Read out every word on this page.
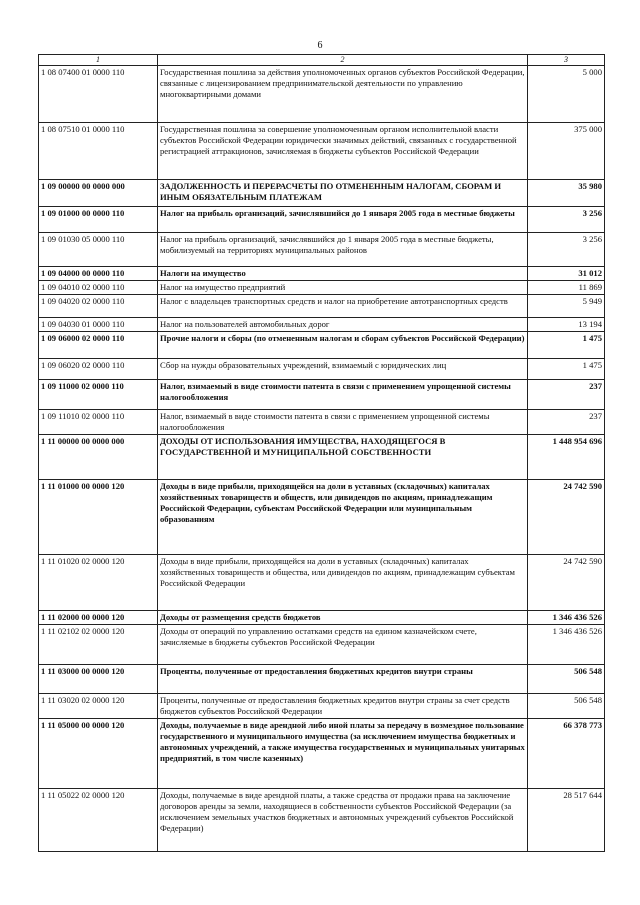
6
1	2	3
1 08 07400 01 0000 110	Государственная пошлина за действия уполномоченных органов субъектов Российской Федерации, связанные с лицензированием предпринимательской деятельности по управлению многоквартирными домами	5 000
1 08 07510 01 0000 110	Государственная пошлина за совершение уполномоченным органом исполнительной власти субъектов Российской Федерации юридически значимых действий, связанных с государственной регистрацией аттракционов, зачисляемая в бюджеты субъектов Российской Федерации	375 000
1 09 00000 00 0000 000	ЗАДОЛЖЕННОСТЬ И ПЕРЕРАСЧЕТЫ ПО ОТМЕНЕННЫМ НАЛОГАМ, СБОРАМ И ИНЫМ ОБЯЗАТЕЛЬНЫМ ПЛАТЕЖАМ	35 980
1 09 01000 00 0000 110	Налог на прибыль организаций, зачислявшийся до 1 января 2005 года в местные бюджеты	3 256
1 09 01030 05 0000 110	Налог на прибыль организаций, зачислявшийся до 1 января 2005 года в местные бюджеты, мобилизуемый на территориях муниципальных районов	3 256
1 09 04000 00 0000 110	Налоги на имущество	31 012
1 09 04010 02 0000 110	Налог на имущество предприятий	11 869
1 09 04020 02 0000 110	Налог с владельцев транспортных средств и налог на приобретение автотранспортных средств	5 949
1 09 04030 01 0000 110	Налог на пользователей автомобильных дорог	13 194
1 09 06000 02 0000 110	Прочие налоги и сборы (по отмененным налогам и сборам субъектов Российской Федерации)	1 475
1 09 06020 02 0000 110	Сбор на нужды образовательных учреждений, взимаемый с юридических лиц	1 475
1 09 11000 02 0000 110	Налог, взимаемый в виде стоимости патента в связи с применением упрощенной системы налогообложения	237
1 09 11010 02 0000 110	Налог, взимаемый в виде стоимости патента в связи с применением упрощенной системы налогообложения	237
1 11 00000 00 0000 000	ДОХОДЫ ОТ ИСПОЛЬЗОВАНИЯ ИМУЩЕСТВА, НАХОДЯЩЕГОСЯ В ГОСУДАРСТВЕННОЙ И МУНИЦИПАЛЬНОЙ СОБСТВЕННОСТИ	1 448 954 696
1 11 01000 00 0000 120	Доходы в виде прибыли, приходящейся на доли в уставных (складочных) капиталах хозяйственных товариществ и обществ, или дивидендов по акциям, принадлежащим Российской Федерации, субъектам Российской Федерации или муниципальным образованиям	24 742 590
1 11 01020 02 0000 120	Доходы в виде прибыли, приходящейся на доли в уставных (складочных) капиталах хозяйственных товариществ и общества, или дивидендов по акциям, принадлежащим субъектам Российской Федерации	24 742 590
1 11 02000 00 0000 120	Доходы от размещения средств бюджетов	1 346 436 526
1 11 02102 02 0000 120	Доходы от операций по управлению остатками средств на едином казначейском счете, зачисляемые в бюджеты субъектов Российской Федерации	1 346 436 526
1 11 03000 00 0000 120	Проценты, полученные от предоставления бюджетных кредитов внутри страны	506 548
1 11 03020 02 0000 120	Проценты, полученные от предоставления бюджетных кредитов внутри страны за счет средств бюджетов субъектов Российской Федерации	506 548
1 11 05000 00 0000 120	Доходы, получаемые в виде арендной либо иной платы за передачу в возмездное пользование государственного и муниципального имущества (за исключением имущества бюджетных и автономных учреждений, а также имущества государственных и муниципальных унитарных предприятий, в том числе казенных)	66 378 773
1 11 05022 02 0000 120	Доходы, получаемые в виде арендной платы, а также средства от продажи права на заключение договоров аренды за земли, находящиеся в собственности субъектов Российской Федерации (за исключением земельных участков бюджетных и автономных учреждений субъектов Российской Федерации)	28 517 644
